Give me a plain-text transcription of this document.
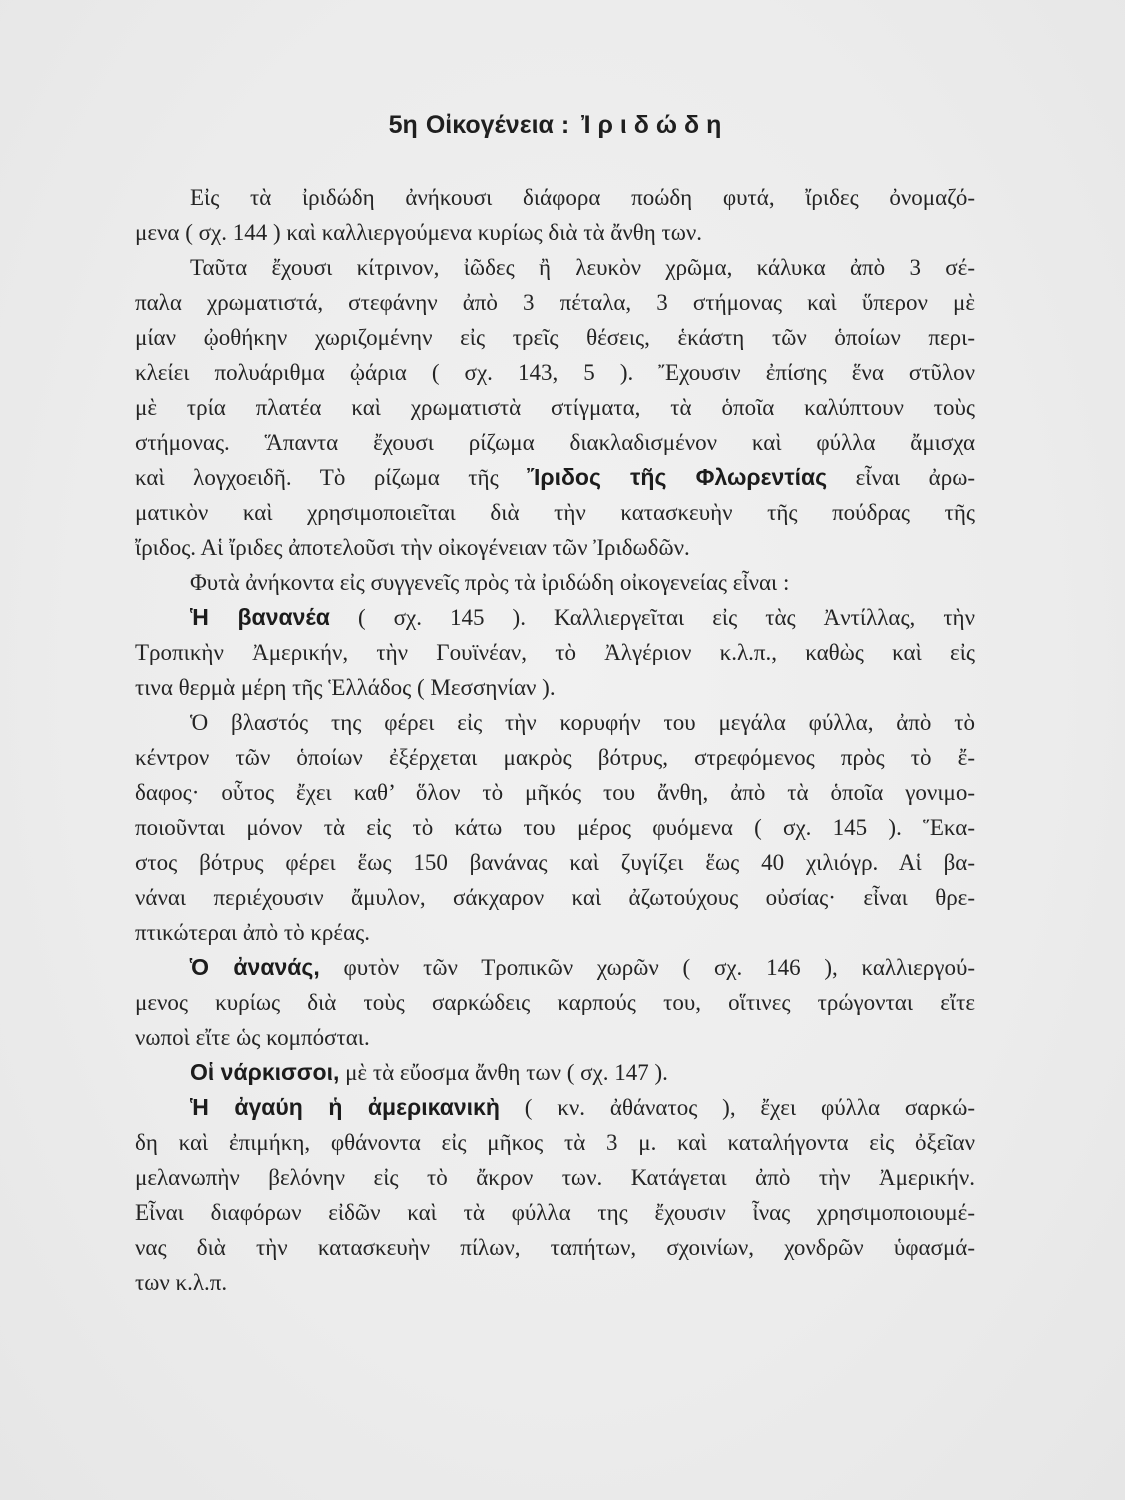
5η Οἰκογένεια : Ἰ ρ ι δ ώ δ η
Εἰς τὰ ἰριδώδη ἀνήκουσι διάφορα ποώδη φυτά, ἴριδες ὀνομαζό-
μενα ( σχ. 144 ) καὶ καλλιεργούμενα κυρίως διὰ τὰ ἄνθη των.
Ταῦτα ἔχουσι κίτρινον, ἰῶδες ἢ λευκὸν χρῶμα, κάλυκα ἀπὸ 3 σέ-
παλα χρωματιστά, στεφάνην ἀπὸ 3 πέταλα, 3 στήμονας καὶ ὕπερον μὲ
μίαν ᾠοθήκην χωριζομένην εἰς τρεῖς θέσεις, ἑκάστη τῶν ὁποίων περι-
κλείει πολυάριθμα ᾠάρια ( σχ. 143, 5 ). Ἔχουσιν ἐπίσης ἕνα στῦλον
μὲ τρία πλατέα καὶ χρωματιστὰ στίγματα, τὰ ὁποῖα καλύπτουν τοὺς
στήμονας. Ἅπαντα ἔχουσι ρίζωμα διακλαδισμένον καὶ φύλλα ἄμισχα
καὶ λογχοειδῆ. Τὸ ρίζωμα τῆς Ἴριδος τῆς Φλωρεντίας εἶναι ἀρω-
ματικὸν καὶ χρησιμοποιεῖται διὰ τὴν κατασκευὴν τῆς πούδρας τῆς
ἴριδος. Αἱ ἴριδες ἀποτελοῦσι τὴν οἰκογένειαν τῶν Ἰριδωδῶν.
Φυτὰ ἀνήκοντα εἰς συγγενεῖς πρὸς τὰ ἰριδώδη οἰκογενείας εἶναι :
Ἡ βανανέα ( σχ. 145 ). Καλλιεργεῖται εἰς τὰς Ἀντίλλας, τὴν
Τροπικὴν Ἀμερικήν, τὴν Γουϊνέαν, τὸ Ἀλγέριον κ.λ.π., καθὼς καὶ εἰς
τινα θερμὰ μέρη τῆς Ἑλλάδος ( Μεσσηνίαν ).
Ὁ βλαστός της φέρει εἰς τὴν κορυφήν του μεγάλα φύλλα, ἀπὸ τὸ
κέντρον τῶν ὁποίων ἐξέρχεται μακρὸς βότρυς, στρεφόμενος πρὸς τὸ ἔ-
δαφος· οὗτος ἔχει καθ’ ὅλον τὸ μῆκός του ἄνθη, ἀπὸ τὰ ὁποῖα γονιμο-
ποιοῦνται μόνον τὰ εἰς τὸ κάτω του μέρος φυόμενα ( σχ. 145 ). Ἕκα-
στος βότρυς φέρει ἕως 150 βανάνας καὶ ζυγίζει ἕως 40 χιλιόγρ. Αἱ βα-
νάναι περιέχουσιν ἄμυλον, σάκχαρον καὶ ἀζωτούχους οὐσίας· εἶναι θρε-
πτικώτεραι ἀπὸ τὸ κρέας.
Ὁ ἀνανάς, φυτὸν τῶν Τροπικῶν χωρῶν ( σχ. 146 ), καλλιεργού-
μενος κυρίως διὰ τοὺς σαρκώδεις καρπούς του, οἵτινες τρώγονται εἴτε
νωποὶ εἴτε ὡς κομπόσται.
Οἱ νάρκισσοι, μὲ τὰ εὔοσμα ἄνθη των ( σχ. 147 ).
Ἡ ἀγαύη ἡ ἀμερικανικὴ ( κν. ἀθάνατος ), ἔχει φύλλα σαρκώ-
δη καὶ ἐπιμήκη, φθάνοντα εἰς μῆκος τὰ 3 μ. καὶ καταλήγοντα εἰς ὀξεῖαν
μελανωπὴν βελόνην εἰς τὸ ἄκρον των. Κατάγεται ἀπὸ τὴν Ἀμερικήν.
Εἶναι διαφόρων εἰδῶν καὶ τὰ φύλλα της ἔχουσιν ἶνας χρησιμοποιουμέ-
νας διὰ τὴν κατασκευὴν πίλων, ταπήτων, σχοινίων, χονδρῶν ὑφασμά-
των κ.λ.π.
